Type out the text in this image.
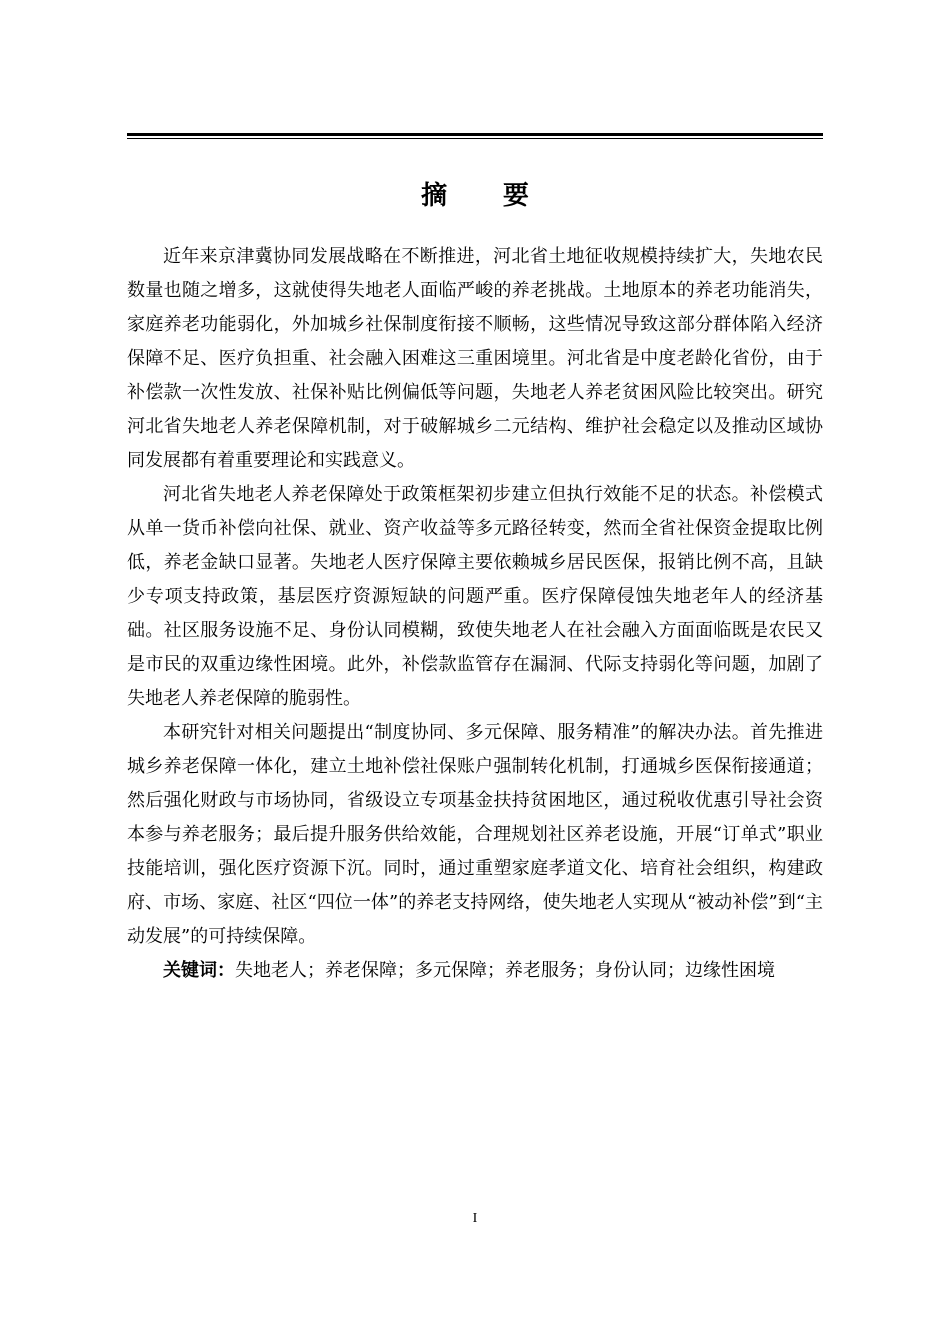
摘 要

近年来京津冀协同发展战略在不断推进，河北省土地征收规模持续扩大，失地农民数量也随之增多，这就使得失地老人面临严峻的养老挑战。土地原本的养老功能消失，家庭养老功能弱化，外加城乡社保制度衔接不顺畅，这些情况导致这部分群体陷入经济保障不足、医疗负担重、社会融入困难这三重困境里。河北省是中度老龄化省份，由于补偿款一次性发放、社保补贴比例偏低等问题，失地老人养老贫困风险比较突出。研究河北省失地老人养老保障机制，对于破解城乡二元结构、维护社会稳定以及推动区域协同发展都有着重要理论和实践意义。

河北省失地老人养老保障处于政策框架初步建立但执行效能不足的状态。补偿模式从单一货币补偿向社保、就业、资产收益等多元路径转变，然而全省社保资金提取比例低，养老金缺口显著。失地老人医疗保障主要依赖城乡居民医保，报销比例不高，且缺少专项支持政策，基层医疗资源短缺的问题严重。医疗保障侵蚀失地老年人的经济基础。社区服务设施不足、身份认同模糊，致使失地老人在社会融入方面面临既是农民又是市民的双重边缘性困境。此外，补偿款监管存在漏洞、代际支持弱化等问题，加剧了失地老人养老保障的脆弱性。

本研究针对相关问题提出“制度协同、多元保障、服务精准”的解决办法。首先推进城乡养老保障一体化，建立土地补偿社保账户强制转化机制，打通城乡医保衔接通道；然后强化财政与市场协同，省级设立专项基金扶持贫困地区，通过税收优惠引导社会资本参与养老服务；最后提升服务供给效能，合理规划社区养老设施，开展“订单式”职业技能培训，强化医疗资源下沉。同时，通过重塑家庭孝道文化、培育社会组织，构建政府、市场、家庭、社区“四位一体”的养老支持网络，使失地老人实现从“被动补偿”到“主动发展”的可持续保障。

关键词：失地老人；养老保障；多元保障；养老服务；身份认同；边缘性困境

I
